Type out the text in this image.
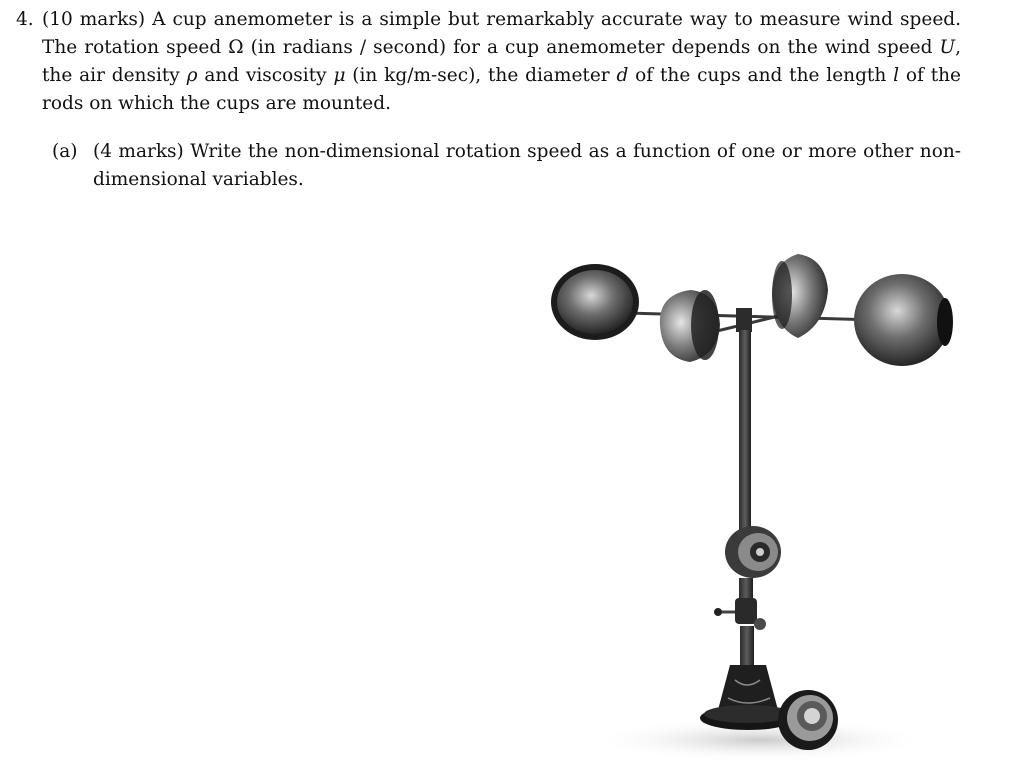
4. (10 marks) A cup anemometer is a simple but remarkably accurate way to measure wind speed. The rotation speed Ω (in radians / second) for a cup anemometer depends on the wind speed U, the air density ρ and viscosity μ (in kg/m-sec), the diameter d of the cups and the length l of the rods on which the cups are mounted.
(a) (4 marks) Write the non-dimensional rotation speed as a function of one or more other non-dimensional variables.
